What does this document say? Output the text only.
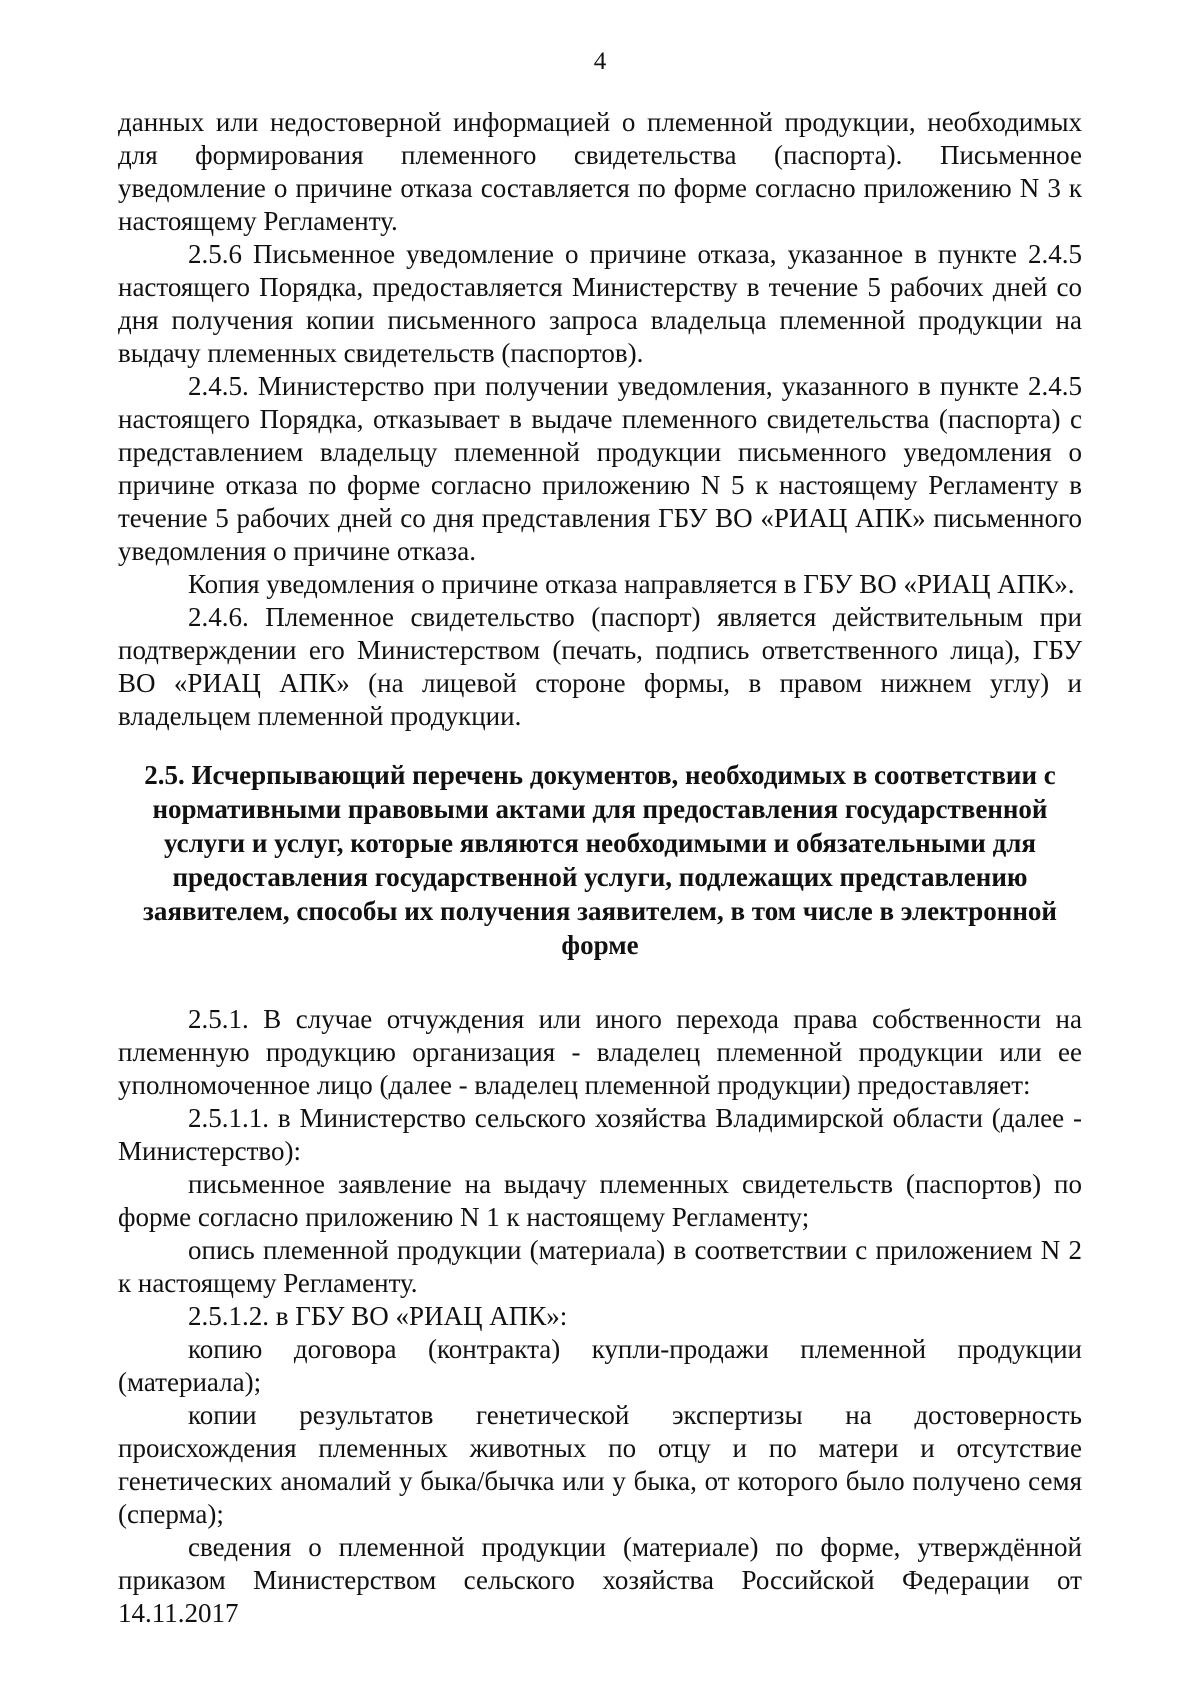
4

данных или недостоверной информацией о племенной продукции, необходимых для формирования племенного свидетельства (паспорта). Письменное уведомление о причине отказа составляется по форме согласно приложению N 3 к настоящему Регламенту.

2.5.6 Письменное уведомление о причине отказа, указанное в пункте 2.4.5 настоящего Порядка, предоставляется Министерству в течение 5 рабочих дней со дня получения копии письменного запроса владельца племенной продукции на выдачу племенных свидетельств (паспортов).

2.4.5. Министерство при получении уведомления, указанного в пункте 2.4.5 настоящего Порядка, отказывает в выдаче племенного свидетельства (паспорта) с представлением владельцу племенной продукции письменного уведомления о причине отказа по форме согласно приложению N 5 к настоящему Регламенту в течение 5 рабочих дней со дня представления ГБУ ВО «РИАЦ АПК» письменного уведомления о причине отказа.

Копия уведомления о причине отказа направляется в ГБУ ВО «РИАЦ АПК».

2.4.6. Племенное свидетельство (паспорт) является действительным при подтверждении его Министерством (печать, подпись ответственного лица), ГБУ ВО «РИАЦ АПК» (на лицевой стороне формы, в правом нижнем углу) и владельцем племенной продукции.

2.5. Исчерпывающий перечень документов, необходимых в соответствии с нормативными правовыми актами для предоставления государственной услуги и услуг, которые являются необходимыми и обязательными для предоставления государственной услуги, подлежащих представлению заявителем, способы их получения заявителем, в том числе в электронной форме

2.5.1. В случае отчуждения или иного перехода права собственности на племенную продукцию организация - владелец племенной продукции или ее уполномоченное лицо (далее - владелец племенной продукции) предоставляет:

2.5.1.1. в Министерство сельского хозяйства Владимирской области (далее - Министерство):

письменное заявление на выдачу племенных свидетельств (паспортов) по форме согласно приложению N 1 к настоящему Регламенту;

опись племенной продукции (материала) в соответствии с приложением N 2 к настоящему Регламенту.

2.5.1.2. в ГБУ ВО «РИАЦ АПК»:

копию договора (контракта) купли-продажи племенной продукции

(материала);

копии результатов генетической экспертизы на достоверность происхождения племенных животных по отцу и по матери и отсутствие генетических аномалий у быка/бычка или у быка, от которого было получено семя (сперма);

сведения о племенной продукции (материале) по форме, утверждённой приказом Министерством сельского хозяйства Российской Федерации от 14.11.2017
